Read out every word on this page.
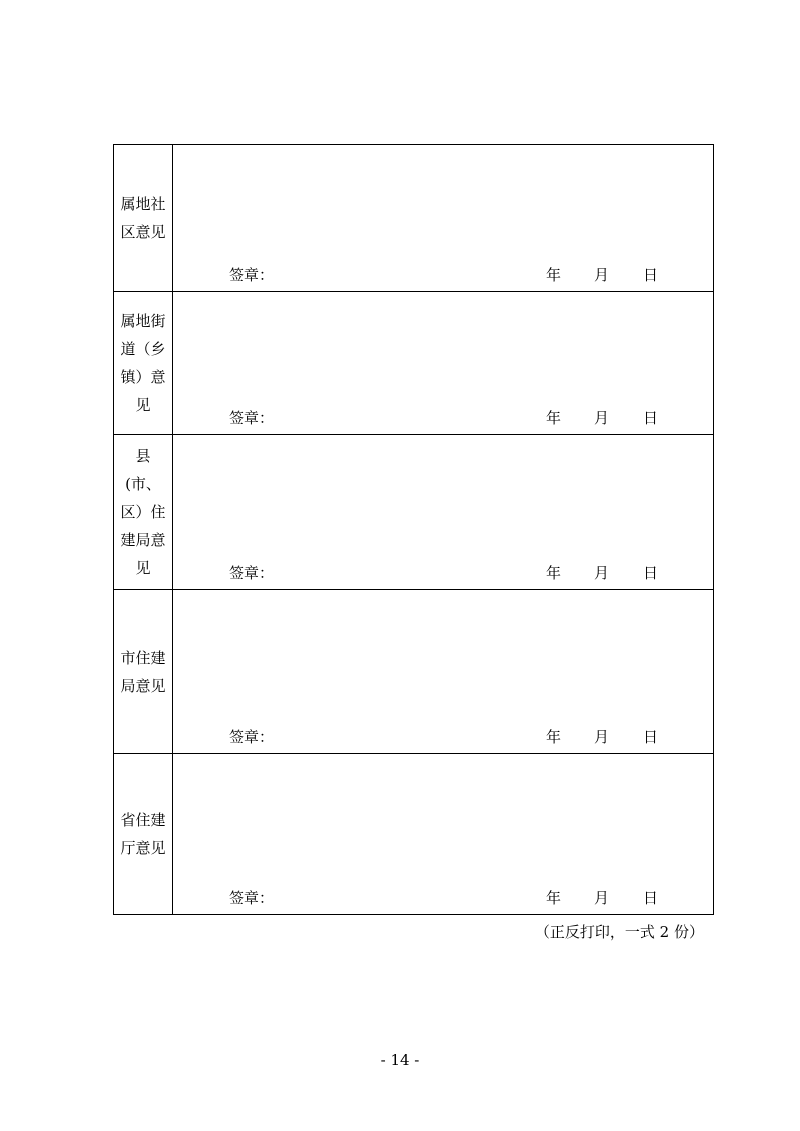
属地社区意见	签章： 年 月 日

属地街道（乡镇）意见	签章： 年 月 日

县(市、区）住建局意见	签章： 年 月 日

市住建局意见	签章： 年 月 日

省住建厅意见	签章： 年 月 日
（正反打印，一式 2 份）
- 14 -
